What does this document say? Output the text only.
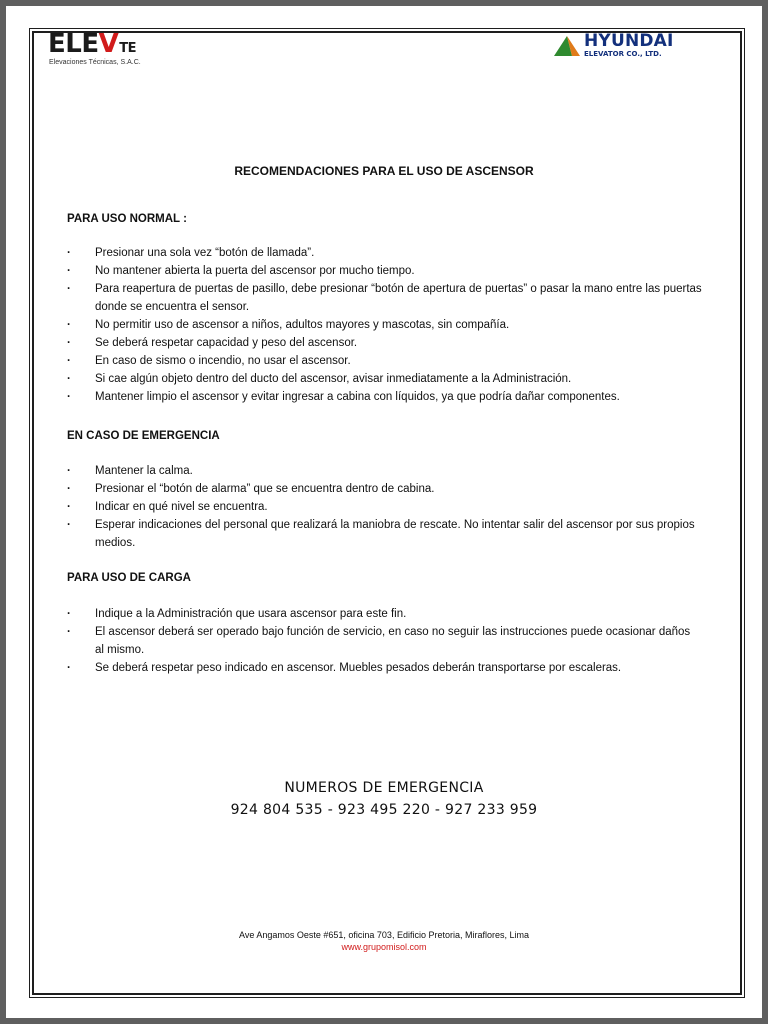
ELEVTE
Elevaciones Técnicas, S.A.C.
HYUNDAI
ELEVATOR CO., LTD.
RECOMENDACIONES PARA EL USO DE ASCENSOR
PARA USO NORMAL :
· Presionar una sola vez “botón de llamada”.
· No mantener abierta la puerta del ascensor por mucho tiempo.
· Para reapertura de puertas de pasillo, debe presionar “botón de apertura de puertas” o pasar la mano entre las puertas donde se encuentra el sensor.
· No permitir uso de ascensor a niños, adultos mayores y mascotas, sin compañía.
· Se deberá respetar capacidad y peso del ascensor.
· En caso de sismo o incendio, no usar el ascensor.
· Si cae algún objeto dentro del ducto del ascensor, avisar inmediatamente a la Administración.
· Mantener limpio el ascensor y evitar ingresar a cabina con líquidos, ya que podría dañar componentes.
EN CASO DE EMERGENCIA
· Mantener la calma.
· Presionar el “botón de alarma” que se encuentra dentro de cabina.
· Indicar en qué nivel se encuentra.
· Esperar indicaciones del personal que realizará la maniobra de rescate. No intentar salir del ascensor por sus propios medios.
PARA USO DE CARGA
· Indique a la Administración que usara ascensor para este fin.
· El ascensor deberá ser operado bajo función de servicio, en caso no seguir las instrucciones puede ocasionar daños al mismo.
· Se deberá respetar peso indicado en ascensor. Muebles pesados deberán transportarse por escaleras.
NUMEROS DE EMERGENCIA
924 804 535 - 923 495 220 - 927 233 959
Ave Angamos Oeste #651, oficina 703, Edificio Pretoria, Miraflores, Lima
www.grupomisol.com
